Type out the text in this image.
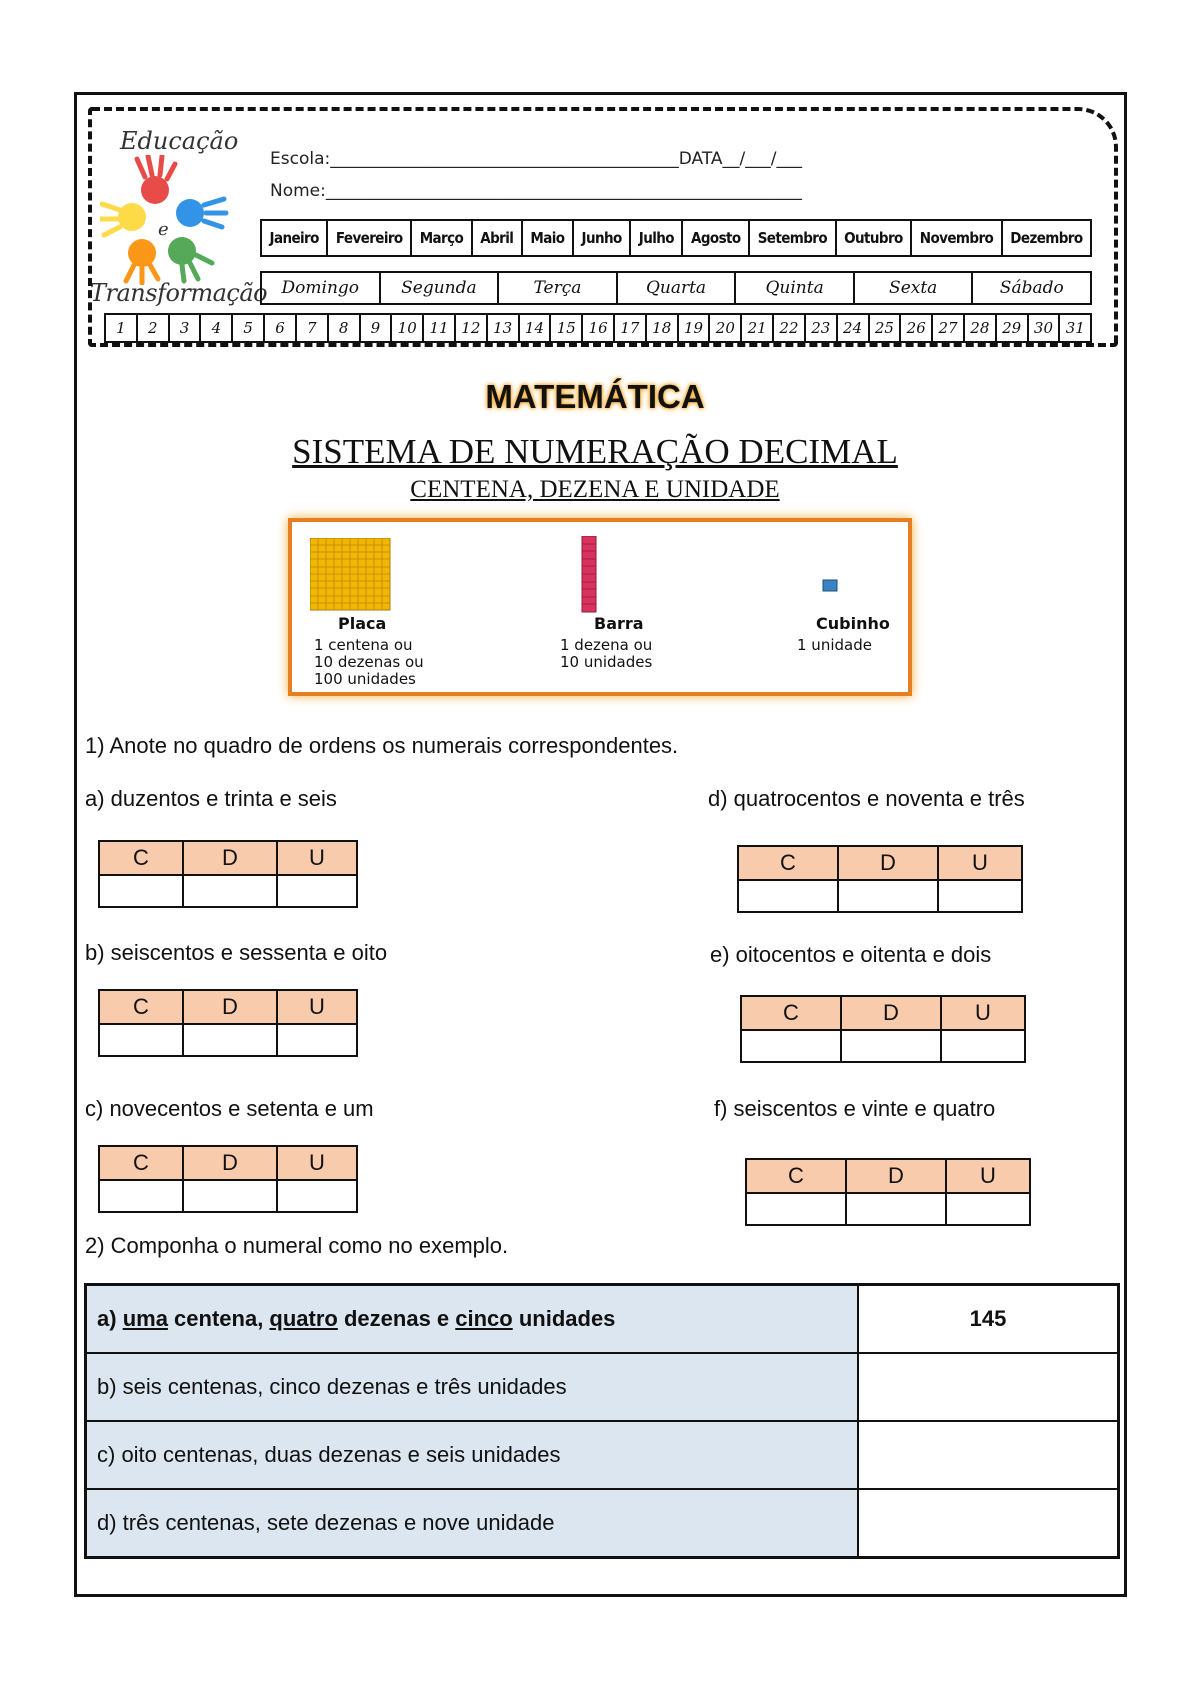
Educação
e
Transformação
Escola:_________________________________________DATA__/___/___
Nome:________________________________________________________
Janeiro	Fevereiro	Março	Abril	Maio	Junho	Julho	Agosto	Setembro	Outubro	Novembro	Dezembro
Domingo	Segunda	Terça	Quarta	Quinta	Sexta	Sábado
1	2	3	4	5	6	7	8	9	10 11 12 13 14 15 16 17 18 19 20 21 22 23 24 25 26 27 28 29 30 31
MATEMÁTICA
SISTEMA DE NUMERAÇÃO DECIMAL
CENTENA, DEZENA E UNIDADE
Placa
1 centena ou
10 dezenas ou
100 unidades
Barra
1 dezena ou
10 unidades
Cubinho
1 unidade
1) Anote no quadro de ordens os numerais correspondentes.
a) duzentos e trinta e seis
C	D	U

b) seiscentos e sessenta e oito
C	D	U

c) novecentos e setenta e um
C	D	U

d) quatrocentos e noventa e três
C	D	U

e) oitocentos e oitenta e dois
C	D	U

f) seiscentos e vinte e quatro
C	D	U

2) Componha o numeral como no exemplo.
a) uma centena, quatro dezenas e cinco unidades	145
b) seis centenas, cinco dezenas e três unidades	
c) oito centenas, duas dezenas e seis unidades	
d) três centenas, sete dezenas e nove unidade	
